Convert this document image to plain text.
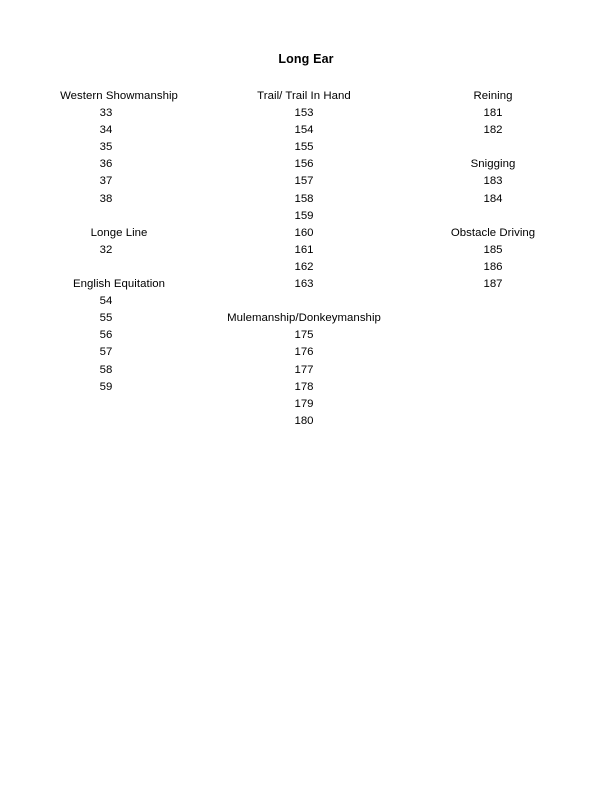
Long Ear
Western Showmanship
33
34
35
36
37
38
Longe Line
32
English Equitation
54
55
56
57
58
59
Trail/ Trail In Hand
153
154
155
156
157
158
159
160
161
162
163
Mulemanship/Donkeymanship
175
176
177
178
179
180
Reining
181
182
Snigging
183
184
Obstacle Driving
185
186
187
